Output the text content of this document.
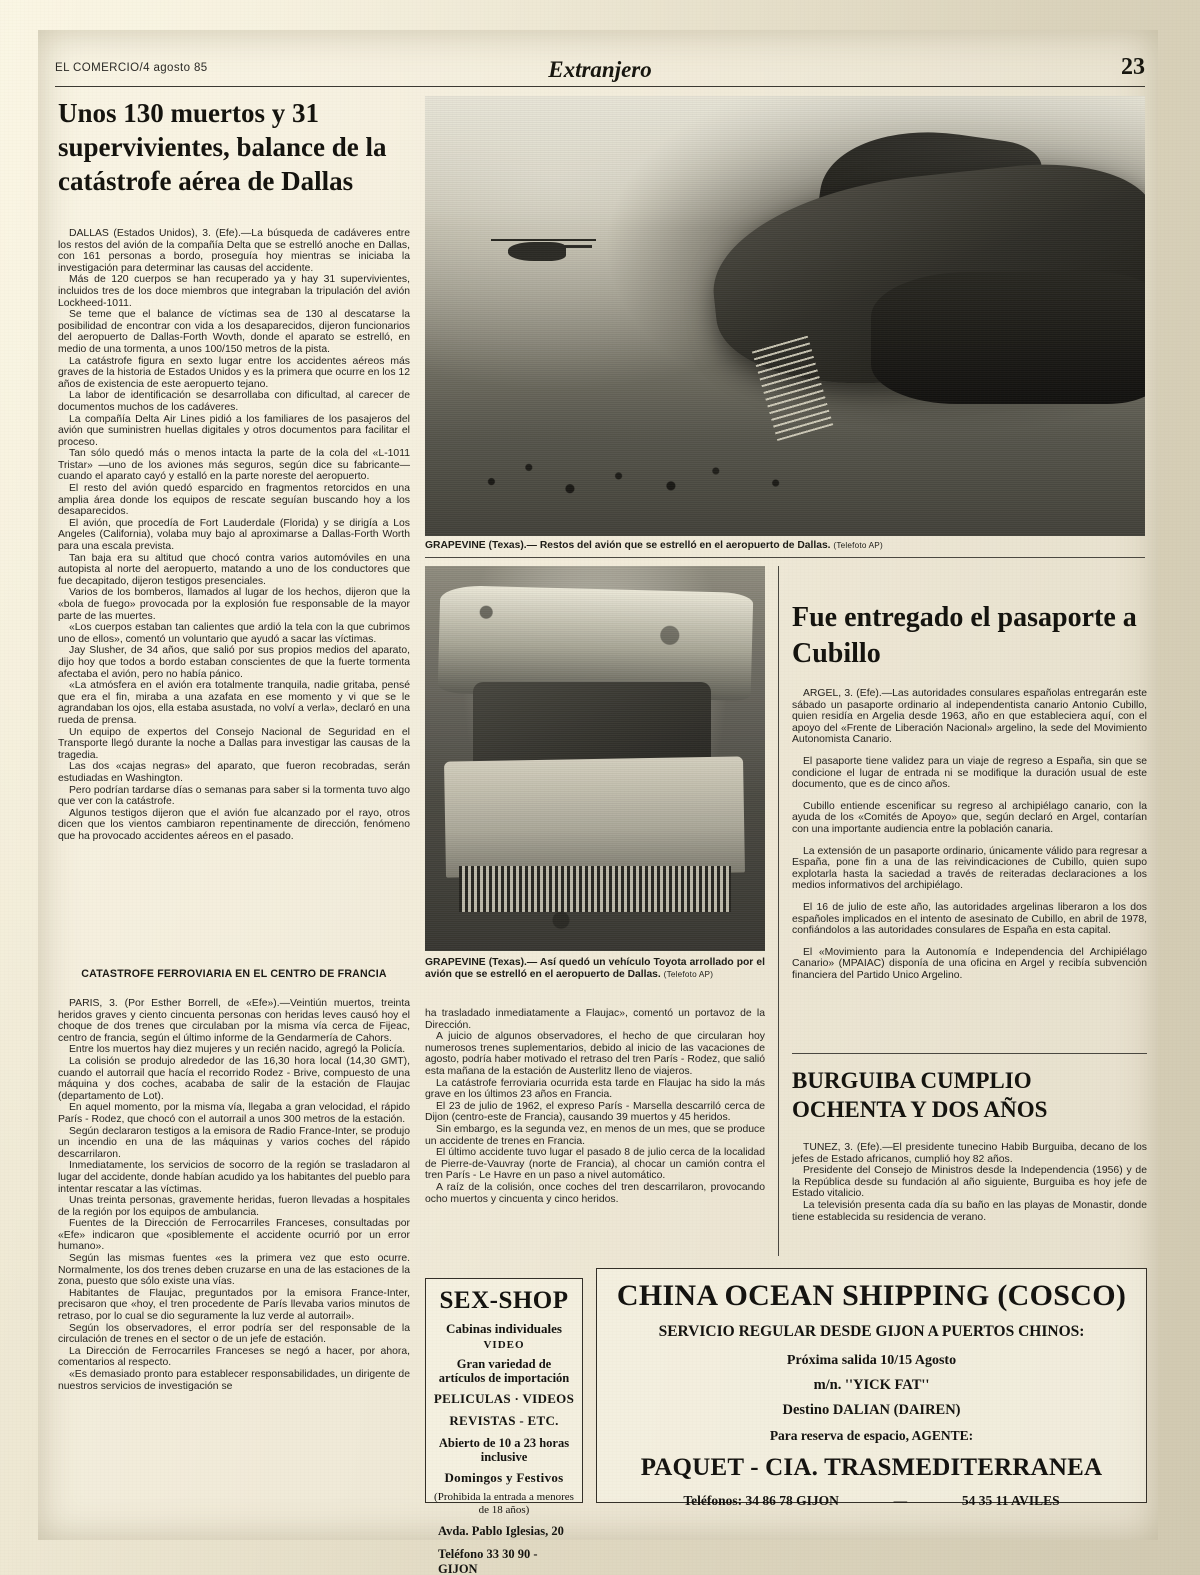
EL COMERCIO/4 agosto 85	Extranjero	23
Unos 130 muertos y 31 supervivientes, balance de la catástrofe aérea de Dallas

DALLAS (Estados Unidos), 3. (Efe).—La búsqueda de cadáveres entre los restos del avión de la compañía Delta que se estrelló anoche en Dallas, con 161 personas a bordo, proseguía hoy mientras se iniciaba la investigación para determinar las causas del accidente.

Más de 120 cuerpos se han recuperado ya y hay 31 supervivientes, incluidos tres de los doce miembros que integraban la tripulación del avión Lockheed-1011.

Se teme que el balance de víctimas sea de 130 al descatarse la posibilidad de encontrar con vida a los desaparecidos, dijeron funcionarios del aeropuerto de Dallas-Forth Wovth, donde el aparato se estrelló, en medio de una tormenta, a unos 100/150 metros de la pista.

La catástrofe figura en sexto lugar entre los accidentes aéreos más graves de la historia de Estados Unidos y es la primera que ocurre en los 12 años de existencia de este aeropuerto tejano.

La labor de identificación se desarrollaba con dificultad, al carecer de documentos muchos de los cadáveres.

La compañía Delta Air Lines pidió a los familiares de los pasajeros del avión que suministren huellas digitales y otros documentos para facilitar el proceso.

Tan sólo quedó más o menos intacta la parte de la cola del «L-1011 Tristar» —uno de los aviones más seguros, según dice su fabricante— cuando el aparato cayó y estalló en la parte noreste del aeropuerto.

El resto del avión quedó esparcido en fragmentos retorcidos en una amplia área donde los equipos de rescate seguían buscando hoy a los desaparecidos.

El avión, que procedía de Fort Lauderdale (Florida) y se dirigía a Los Angeles (California), volaba muy bajo al aproximarse a Dallas-Forth Worth para una escala prevista.

Tan baja era su altitud que chocó contra varios automóviles en una autopista al norte del aeropuerto, matando a uno de los conductores que fue decapitado, dijeron testigos presenciales.

Varios de los bomberos, llamados al lugar de los hechos, dijeron que la «bola de fuego» provocada por la explosión fue responsable de la mayor parte de las muertes.

«Los cuerpos estaban tan calientes que ardió la tela con la que cubrimos uno de ellos», comentó un voluntario que ayudó a sacar las víctimas.

Jay Slusher, de 34 años, que salió por sus propios medios del aparato, dijo hoy que todos a bordo estaban conscientes de que la fuerte tormenta afectaba el avión, pero no había pánico.

«La atmósfera en el avión era totalmente tranquila, nadie gritaba, pensé que era el fin, miraba a una azafata en ese momento y vi que se le agrandaban los ojos, ella estaba asustada, no volví a verla», declaró en una rueda de prensa.

Un equipo de expertos del Consejo Nacional de Seguridad en el Transporte llegó durante la noche a Dallas para investigar las causas de la tragedia.

Las dos «cajas negras» del aparato, que fueron recobradas, serán estudiadas en Washington.

Pero podrían tardarse días o semanas para saber si la tormenta tuvo algo que ver con la catástrofe.

Algunos testigos dijeron que el avión fue alcanzado por el rayo, otros dicen que los vientos cambiaron repentinamente de dirección, fenómeno que ha provocado accidentes aéreos en el pasado.

CATASTROFE FERROVIARIA EN EL CENTRO DE FRANCIA

PARIS, 3. (Por Esther Borrell, de «Efe»).—Veintiún muertos, treinta heridos graves y ciento cincuenta personas con heridas leves causó hoy el choque de dos trenes que circulaban por la misma vía cerca de Fijeac, centro de francia, según el último informe de la Gendarmería de Cahors.

Entre los muertos hay diez mujeres y un recién nacido, agregó la Policía.

La colisión se produjo alrededor de las 16,30 hora local (14,30 GMT), cuando el autorrail que hacía el recorrido Rodez - Brive, compuesto de una máquina y dos coches, acababa de salir de la estación de Flaujac (departamento de Lot).

En aquel momento, por la misma vía, llegaba a gran velocidad, el rápido París - Rodez, que chocó con el autorrail a unos 300 metros de la estación.

Según declararon testigos a la emisora de Radio France-Inter, se produjo un incendio en una de las máquinas y varios coches del rápido descarrilaron.

Inmediatamente, los servicios de socorro de la región se trasladaron al lugar del accidente, donde habían acudido ya los habitantes del pueblo para intentar rescatar a las víctimas.

Unas treinta personas, gravemente heridas, fueron llevadas a hospitales de la región por los equipos de ambulancia.

Fuentes de la Dirección de Ferrocarriles Franceses, consultadas por «Efe» indicaron que «posiblemente el accidente ocurrió por un error humano».

Según las mismas fuentes «es la primera vez que esto ocurre. Normalmente, los dos trenes deben cruzarse en una de las estaciones de la zona, puesto que sólo existe una vías.

Habitantes de Flaujac, preguntados por la emisora France-Inter, precisaron que «hoy, el tren procedente de París llevaba varios minutos de retraso, por lo cual se dio seguramente la luz verde al autorrail».

Según los observadores, el error podría ser del responsable de la circulación de trenes en el sector o de un jefe de estación.

La Dirección de Ferrocarriles Franceses se negó a hacer, por ahora, comentarios al respecto.

«Es demasiado pronto para establecer responsabilidades, un dirigente de nuestros servicios de investigación se

GRAPEVINE (Texas).— Restos del avión que se estrelló en el aeropuerto de Dallas. (Telefoto AP)
GRAPEVINE (Texas).— Así quedó un vehículo Toyota arrollado por el avión que se estrelló en el aeropuerto de Dallas. (Telefoto AP)

ha trasladado inmediatamente a Flaujac», comentó un portavoz de la Dirección.

A juicio de algunos observadores, el hecho de que circularan hoy numerosos trenes suplementarios, debido al inicio de las vacaciones de agosto, podría haber motivado el retraso del tren París - Rodez, que salió esta mañana de la estación de Austerlitz lleno de viajeros.

La catástrofe ferroviaria ocurrida esta tarde en Flaujac ha sido la más grave en los últimos 23 años en Francia.

El 23 de julio de 1962, el expreso París - Marsella descarriló cerca de Dijon (centro-este de Francia), causando 39 muertos y 45 heridos.

Sin embargo, es la segunda vez, en menos de un mes, que se produce un accidente de trenes en Francia.

El último accidente tuvo lugar el pasado 8 de julio cerca de la localidad de Pierre-de-Vauvray (norte de Francia), al chocar un camión contra el tren París - Le Havre en un paso a nivel automático.

A raíz de la colisión, once coches del tren descarrilaron, provocando ocho muertos y cincuenta y cinco heridos.

Fue entregado el pasaporte a Cubillo

ARGEL, 3. (Efe).—Las autoridades consulares españolas entregarán este sábado un pasaporte ordinario al independentista canario Antonio Cubillo, quien residía en Argelia desde 1963, año en que estableciera aquí, con el apoyo del «Frente de Liberación Nacional» argelino, la sede del Movimiento Autonomista Canario.

El pasaporte tiene validez para un viaje de regreso a España, sin que se condicione el lugar de entrada ni se modifique la duración usual de este documento, que es de cinco años.

Cubillo entiende escenificar su regreso al archipiélago canario, con la ayuda de los «Comités de Apoyo» que, según declaró en Argel, contarían con una importante audiencia entre la población canaria.

La extensión de un pasaporte ordinario, únicamente válido para regresar a España, pone fin a una de las reivindicaciones de Cubillo, quien supo explotarla hasta la saciedad a través de reiteradas declaraciones a los medios informativos del archipiélago.

El 16 de julio de este año, las autoridades argelinas liberaron a los dos españoles implicados en el intento de asesinato de Cubillo, en abril de 1978, confiándolos a las autoridades consulares de España en esta capital.

El «Movimiento para la Autonomía e Independencia del Archipiélago Canario» (MPAIAC) disponía de una oficina en Argel y recibía subvención financiera del Partido Unico Argelino.

BURGUIBA CUMPLIO OCHENTA Y DOS AÑOS

TUNEZ, 3. (Efe).—El presidente tunecino Habib Burguiba, decano de los jefes de Estado africanos, cumplió hoy 82 años.

Presidente del Consejo de Ministros desde la Independencia (1956) y de la República desde su fundación al año siguiente, Burguiba es hoy jefe de Estado vitalicio.

La televisión presenta cada día su baño en las playas de Monastir, donde tiene establecida su residencia de verano.

SEX-SHOP
Cabinas individuales
VIDEO
Gran variedad de artículos de importación
PELICULAS · VIDEOS
REVISTAS - ETC.
Abierto de 10 a 23 horas inclusive
Domingos y Festivos
(Prohibida la entrada a menores de 18 años)
Avda. Pablo Iglesias, 20
Teléfono 33 30 90 - GIJON
CHINA OCEAN SHIPPING (COSCO)
SERVICIO REGULAR DESDE GIJON A PUERTOS CHINOS:
Próxima salida 10/15 Agosto
m/n. ''YICK FAT''
Destino DALIAN (DAIREN)
Para reserva de espacio, AGENTE:
PAQUET - CIA. TRASMEDITERRANEA
Teléfonos: 34 86 78 GIJON	—	54 35 11 AVILES
